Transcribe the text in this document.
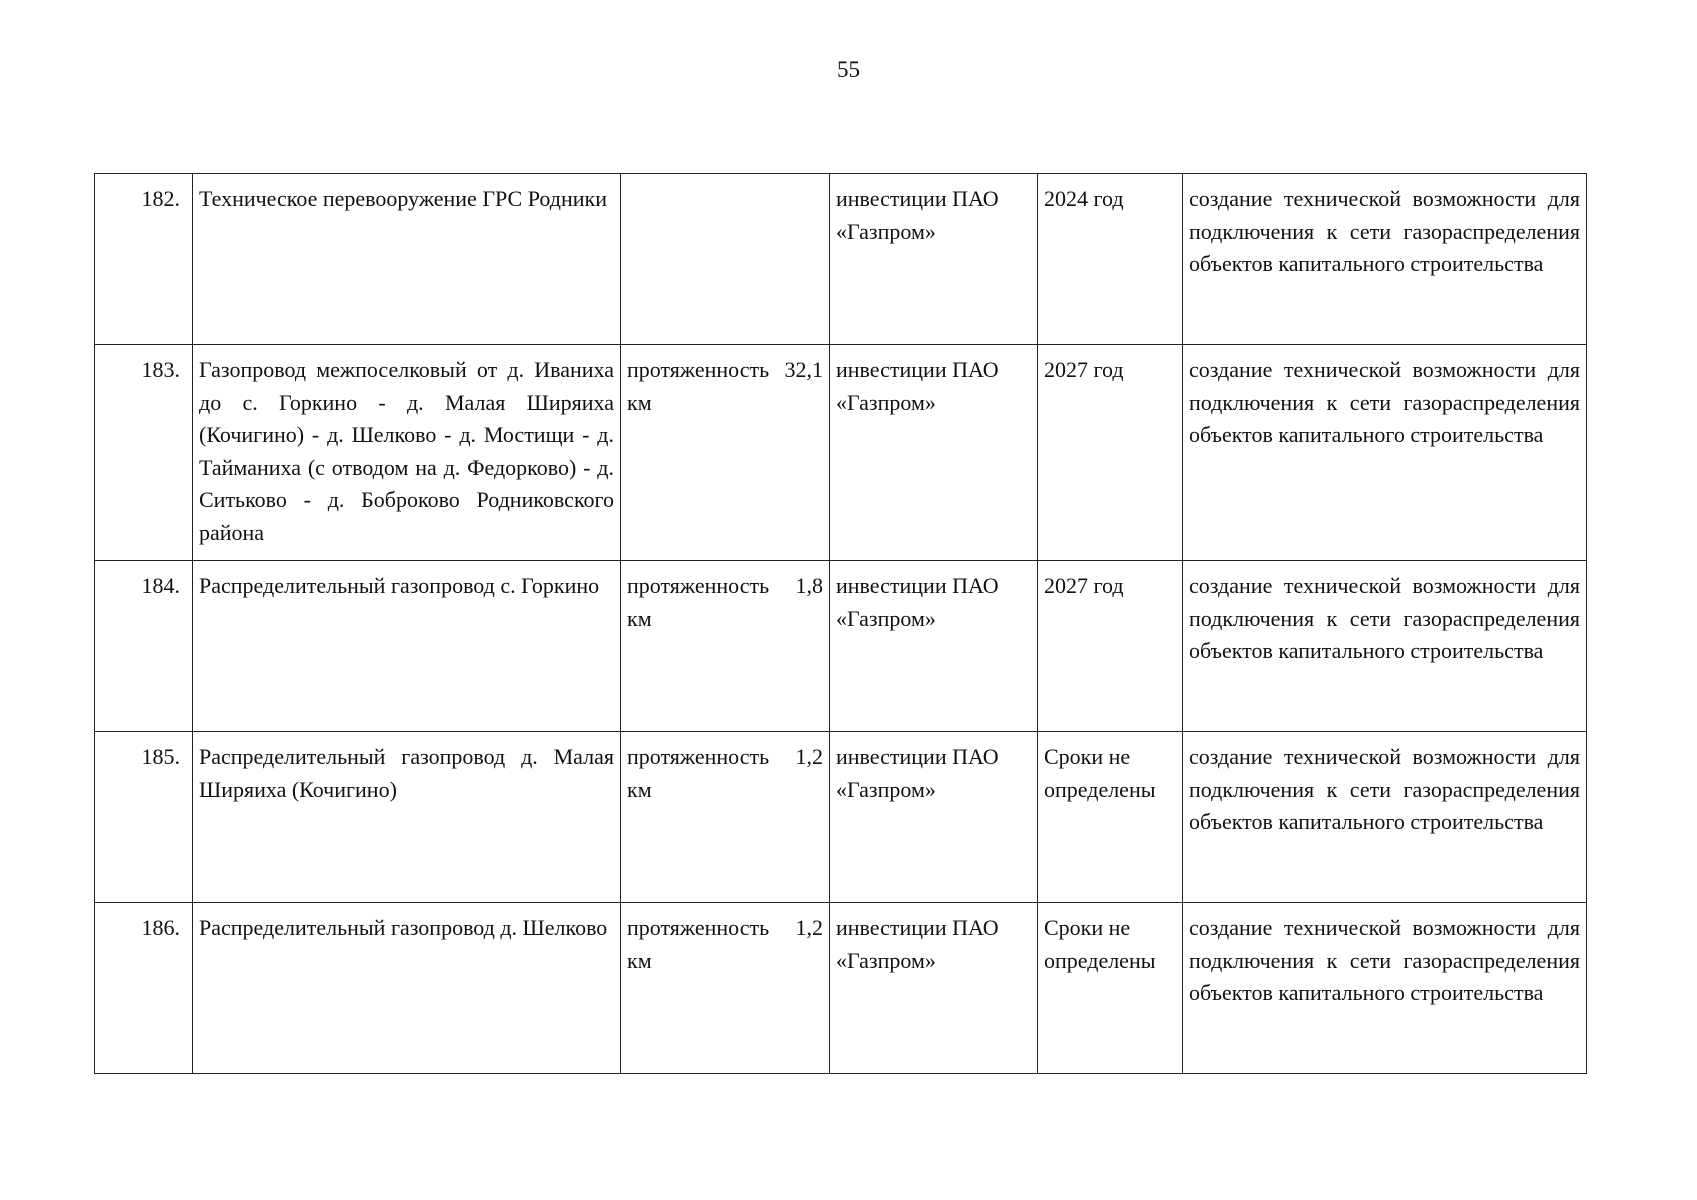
55
182.	Техническое перевооружение ГРС Родники		инвестиции ПАО «Газпром»	2024 год	создание технической возможности для подключения к сети газораспределения объектов капитального строительства
183.	Газопровод межпоселковый от д. Иваниха до с. Горкино - д. Малая Ширяиха (Кочигино) - д. Шелково - д. Мостищи - д. Тайманиха (с отводом на д. Федорково) - д. Ситьково - д. Боброково Родниковского района	протяженность 32,1 км	инвестиции ПАО «Газпром»	2027 год	создание технической возможности для подключения к сети газораспределения объектов капитального строительства
184.	Распределительный газопровод с. Горкино	протяженность 1,8 км	инвестиции ПАО «Газпром»	2027 год	создание технической возможности для подключения к сети газораспределения объектов капитального строительства
185.	Распределительный газопровод д. Малая Ширяиха (Кочигино)	протяженность 1,2 км	инвестиции ПАО «Газпром»	Сроки не определены	создание технической возможности для подключения к сети газораспределения объектов капитального строительства
186.	Распределительный газопровод д. Шелково	протяженность 1,2 км	инвестиции ПАО «Газпром»	Сроки не определены	создание технической возможности для подключения к сети газораспределения объектов капитального строительства
